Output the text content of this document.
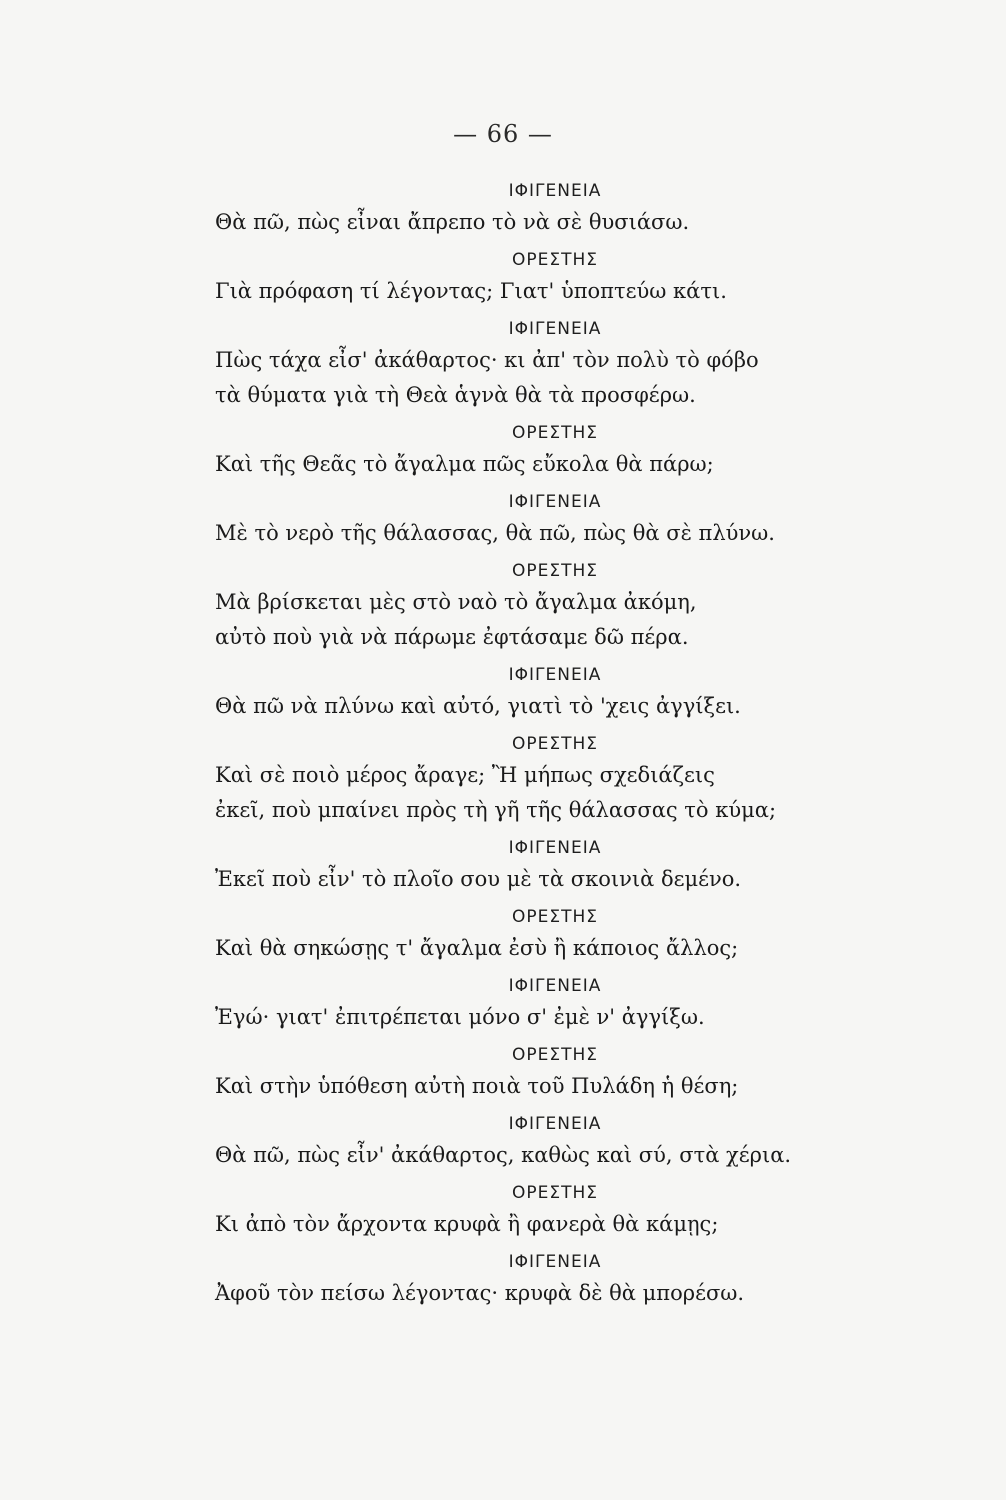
— 66 —
ΙΦΙΓΕΝΕΙΑ
Θὰ πῶ, πὼς εἶναι ἄπρεπο τὸ νὰ σὲ θυσιάσω.
ΟΡΕΣΤΗΣ
Γιὰ πρόφαση τί λέγοντας; Γιατ' ὑποπτεύω κάτι.
ΙΦΙΓΕΝΕΙΑ
Πὼς τάχα εἶσ' ἀκάθαρτος· κι ἀπ' τὸν πολὺ τὸ φόβο
τὰ θύματα γιὰ τὴ Θεὰ ἁγνὰ θὰ τὰ προσφέρω.
ΟΡΕΣΤΗΣ
Καὶ τῆς Θεᾶς τὸ ἄγαλμα πῶς εὔκολα θὰ πάρω;
ΙΦΙΓΕΝΕΙΑ
Μὲ τὸ νερὸ τῆς θάλασσας, θὰ πῶ, πὼς θὰ σὲ πλύνω.
ΟΡΕΣΤΗΣ
Μὰ βρίσκεται μὲς στὸ ναὸ τὸ ἄγαλμα ἀκόμη,
αὐτὸ ποὺ γιὰ νὰ πάρωμε ἐφτάσαμε δῶ πέρα.
ΙΦΙΓΕΝΕΙΑ
Θὰ πῶ νὰ πλύνω καὶ αὐτό, γιατὶ τὸ 'χεις ἀγγίξει.
ΟΡΕΣΤΗΣ
Καὶ σὲ ποιὸ μέρος ἄραγε; Ἢ μήπως σχεδιάζεις
ἐκεῖ, ποὺ μπαίνει πρὸς τὴ γῆ τῆς θάλασσας τὸ κύμα;
ΙΦΙΓΕΝΕΙΑ
Ἐκεῖ ποὺ εἶν' τὸ πλοῖο σου μὲ τὰ σκοινιὰ δεμένο.
ΟΡΕΣΤΗΣ
Καὶ θὰ σηκώσῃς τ' ἄγαλμα ἐσὺ ἢ κάποιος ἄλλος;
ΙΦΙΓΕΝΕΙΑ
Ἐγώ· γιατ' ἐπιτρέπεται μόνο σ' ἐμὲ ν' ἀγγίξω.
ΟΡΕΣΤΗΣ
Καὶ στὴν ὑπόθεση αὐτὴ ποιὰ τοῦ Πυλάδη ἡ θέση;
ΙΦΙΓΕΝΕΙΑ
Θὰ πῶ, πὼς εἶν' ἀκάθαρτος, καθὼς καὶ σύ, στὰ χέρια.
ΟΡΕΣΤΗΣ
Κι ἀπὸ τὸν ἄρχοντα κρυφὰ ἢ φανερὰ θὰ κάμῃς;
ΙΦΙΓΕΝΕΙΑ
Ἀφοῦ τὸν πείσω λέγοντας· κρυφὰ δὲ θὰ μπορέσω.
